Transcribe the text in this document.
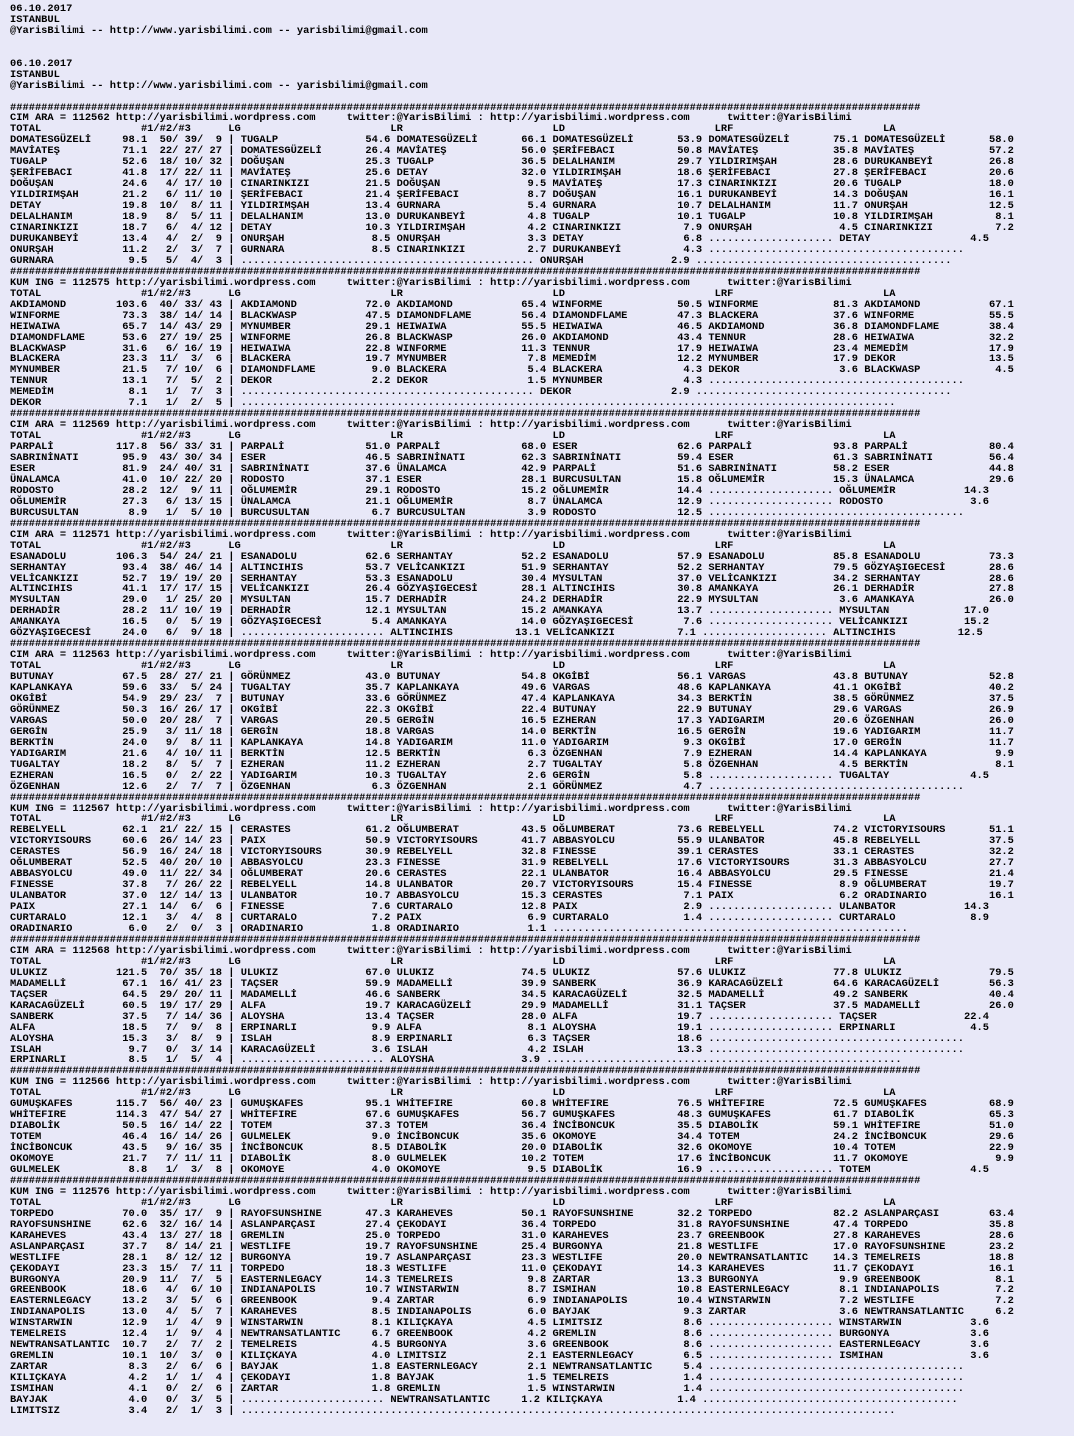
06.10.2017
ISTANBUL
@YarisBilimi -- http://www.yarisbilimi.com -- yarisbilimi@gmail.com
06.10.2017
ISTANBUL
@YarisBilimi -- http://www.yarisbilimi.com -- yarisbilimi@gmail.com
##################################################################################################################################################
CIM ARA = 112562 http://yarisbilimi.wordpress.com     twitter:@YarisBilimi : http://yarisbilimi.wordpress.com      twitter:@YarisBilimi
TOTAL                #1/#2/#3      LG                        LR                        LD                        LRF                        LA
DOMATESGÜZELİ     98.1  50/ 39/  9 | TUGALP              54.6 DOMATESGÜZELİ       66.1 DOMATESGÜZELİ       53.9 DOMATESGÜZELİ       75.1 DOMATESGÜZELİ       58.0
MAVİATEŞ          71.1  22/ 27/ 27 | DOMATESGÜZELİ       26.4 MAVİATEŞ            56.0 ŞERİFEBACI          50.8 MAVİATEŞ            35.8 MAVİATEŞ            57.2
TUGALP            52.6  18/ 10/ 32 | DOĞUŞAN             25.3 TUGALP              36.5 DELALHANIM          29.7 YILDIRIMŞAH         28.6 DURUKANBEYİ         26.8
ŞERİFEBACI        41.8  17/ 22/ 11 | MAVİATEŞ            25.6 DETAY               32.0 YILDIRIMŞAH         18.6 ŞERİFEBACI          27.8 ŞERİFEBACI          20.6
DOĞUŞAN           24.6   4/ 17/ 10 | CINARINKIZI         21.5 DOĞUŞAN              9.5 MAVİATEŞ            17.3 CINARINKIZI         20.6 TUGALP              18.0
YILDIRIMŞAH       21.2   6/ 11/ 10 | ŞERİFEBACI          21.4 ŞERİFEBACI           8.7 DOĞUŞAN             16.1 DURUKANBEYİ         14.3 DOĞUŞAN             16.1
DETAY             19.8  10/  8/ 11 | YILDIRIMŞAH         13.4 GURNARA              5.4 GURNARA             10.7 DELALHANIM          11.7 ONURŞAH             12.5
DELALHANIM        18.9   8/  5/ 11 | DELALHANIM          13.0 DURUKANBEYİ          4.8 TUGALP              10.1 TUGALP              10.8 YILDIRIMŞAH          8.1
CINARINKIZI       18.7   6/  4/ 12 | DETAY               10.3 YILDIRIMŞAH          4.2 CINARINKIZI          7.9 ONURŞAH              4.5 CINARINKIZI          7.2
DURUKANBEYİ       13.4   4/  2/  9 | ONURŞAH              8.5 ONURŞAH              3.3 DETAY                6.8 .................... DETAY                4.5
ONURŞAH           11.2   2/  3/  7 | GURNARA              8.5 CINARINKIZI          2.7 DURUKANBEYİ          4.3 .........................................
GURNARA            9.5   5/  4/  3 | ............................................... ONURŞAH              2.9 .........................................
##################################################################################################################################################
KUM ING = 112575 http://yarisbilimi.wordpress.com     twitter:@YarisBilimi : http://yarisbilimi.wordpress.com      twitter:@YarisBilimi
TOTAL                #1/#2/#3      LG                        LR                        LD                        LRF                        LA
AKDIAMOND        103.6  40/ 33/ 43 | AKDIAMOND           72.0 AKDIAMOND           65.4 WINFORME            50.5 WINFORME            81.3 AKDIAMOND           67.1
WINFORME          73.3  38/ 14/ 14 | BLACKWASP           47.5 DIAMONDFLAME        56.4 DIAMONDFLAME        47.3 BLACKERA            37.6 WINFORME            55.5
HEIWAIWA          65.7  14/ 43/ 29 | MYNUMBER            29.1 HEIWAIWA            55.5 HEIWAIWA            46.5 AKDIAMOND           36.8 DIAMONDFLAME        38.4
DIAMONDFLAME      53.6  27/ 19/ 25 | WINFORME            26.8 BLACKWASP           26.0 AKDIAMOND           43.4 TENNUR              28.6 HEIWAIWA            32.2
BLACKWASP         31.6   6/ 16/ 19 | HEIWAIWA            22.8 WINFORME            11.3 TENNUR              17.9 HEIWAIWA            23.4 MEMEDİM             17.9
BLACKERA          23.3  11/  3/  6 | BLACKERA            19.7 MYNUMBER             7.8 MEMEDİM             12.2 MYNUMBER            17.9 DEKOR               13.5
MYNUMBER          21.5   7/ 10/  6 | DIAMONDFLAME         9.0 BLACKERA             5.4 BLACKERA             4.3 DEKOR                3.6 BLACKWASP            4.5
TENNUR            13.1   7/  5/  2 | DEKOR                2.2 DEKOR                1.5 MYNUMBER             4.3 .........................................
MEMEDİM            8.1   1/  7/  3 | ............................................... DEKOR                2.9 .........................................
DEKOR              7.1   1/  2/  5 | .........................................................................................................
##################################################################################################################################################
CIM ARA = 112569 http://yarisbilimi.wordpress.com     twitter:@YarisBilimi : http://yarisbilimi.wordpress.com      twitter:@YarisBilimi
TOTAL                #1/#2/#3      LG                        LR                        LD                        LRF                        LA
PARPALİ          117.8  56/ 33/ 31 | PARPALİ             51.0 PARPALİ             68.0 ESER                62.6 PARPALİ             93.8 PARPALİ             80.4
SABRINİNATI       95.9  43/ 30/ 34 | ESER                46.5 SABRINİNATI         62.3 SABRINİNATI         59.4 ESER                61.3 SABRINİNATI         56.4
ESER              81.9  24/ 40/ 31 | SABRINİNATI         37.6 ÜNALAMCA            42.9 PARPALİ             51.6 SABRINİNATI         58.2 ESER                44.8
ÜNALAMCA          41.0  10/ 22/ 20 | RODOSTO             37.1 ESER                28.1 BURCUSULTAN         15.8 OĞLUMEMİR           15.3 ÜNALAMCA            29.6
RODOSTO           28.2  12/  9/ 11 | OĞLUMEMİR           29.1 RODOSTO             15.2 OĞLUMEMİR           14.4 .................... OĞLUMEMİR           14.3
OĞLUMEMİR         27.3   6/ 13/ 15 | ÜNALAMCA            21.1 OĞLUMEMİR            8.7 ÜNALAMCA            12.9 .................... RODOSTO              3.6
BURCUSULTAN        8.9   1/  5/ 10 | BURCUSULTAN          6.7 BURCUSULTAN          3.9 RODOSTO             12.5 .........................................
##################################################################################################################################################
CIM ARA = 112571 http://yarisbilimi.wordpress.com     twitter:@YarisBilimi : http://yarisbilimi.wordpress.com      twitter:@YarisBilimi
TOTAL                #1/#2/#3      LG                        LR                        LD                        LRF                        LA
ESANADOLU        106.3  54/ 24/ 21 | ESANADOLU           62.6 SERHANTAY           52.2 ESANADOLU           57.9 ESANADOLU           85.8 ESANADOLU           73.3
SERHANTAY         93.4  38/ 46/ 14 | ALTINCIHIS          53.7 VELİCANKIZI         51.9 SERHANTAY           52.2 SERHANTAY           79.5 GÖZYAŞIGECESİ       28.6
VELİCANKIZI       52.7  19/ 19/ 20 | SERHANTAY           53.3 ESANADOLU           30.4 MYSULTAN            37.0 VELİCANKIZI         34.2 SERHANTAY           28.6
ALTINCIHIS        41.1  17/ 17/ 15 | VELİCANKIZI         26.4 GÖZYAŞIGECESİ       28.1 ALTINCIHIS          30.8 AMANKAYA            26.1 DERHADİR            27.8
MYSULTAN          29.0   1/ 25/ 20 | MYSULTAN            15.7 DERHADİR            24.2 DERHADİR            22.9 MYSULTAN             3.6 AMANKAYA            26.0
DERHADİR          28.2  11/ 10/ 19 | DERHADİR            12.1 MYSULTAN            15.2 AMANKAYA            13.7 .................... MYSULTAN            17.0
AMANKAYA          16.5   0/  5/ 19 | GÖZYAŞIGECESİ        5.4 AMANKAYA            14.0 GÖZYAŞIGECESİ        7.6 .................... VELİCANKIZI         15.2
GÖZYAŞIGECESİ     24.0   6/  9/ 18 | ....................... ALTINCIHIS          13.1 VELİCANKIZI          7.1 .................... ALTINCIHIS          12.5
##################################################################################################################################################
CIM ARA = 112563 http://yarisbilimi.wordpress.com     twitter:@YarisBilimi : http://yarisbilimi.wordpress.com      twitter:@YarisBilimi
TOTAL                #1/#2/#3      LG                        LR                        LD                        LRF                        LA
BUTUNAY           67.5  28/ 27/ 21 | GÖRÜNMEZ            43.0 BUTUNAY             54.8 OKGİBİ              56.1 VARGAS              43.8 BUTUNAY             52.8
KAPLANKAYA        59.6  33/  5/ 24 | TUGALTAY            35.7 KAPLANKAYA          49.6 VARGAS              48.6 KAPLANKAYA          41.1 OKGİBİ              40.2
OKGİBİ            54.9  29/ 23/  7 | BUTUNAY             33.6 GÖRÜNMEZ            47.4 KAPLANKAYA          34.3 BERKTİN             38.5 GÖRÜNMEZ            37.5
GÖRÜNMEZ          50.3  16/ 26/ 17 | OKGİBİ              22.3 OKGİBİ              22.4 BUTUNAY             22.9 BUTUNAY             29.6 VARGAS              26.9
VARGAS            50.0  20/ 28/  7 | VARGAS              20.5 GERGİN              16.5 EZHERAN             17.3 YADIGARIM           20.6 ÖZGENHAN            26.0
GERGİN            25.9   3/ 11/ 18 | GERGİN              18.8 VARGAS              14.0 BERKTİN             16.5 GERGİN              19.6 YADIGARIM           11.7
BERKTİN           24.0   9/  8/ 11 | KAPLANKAYA          14.8 YADIGARIM           11.0 YADIGARIM            9.3 OKGİBİ              17.0 GERGİN              11.7
YADIGARIM         21.6   4/ 10/ 11 | BERKTİN             12.5 BERKTİN              6.3 ÖZGENHAN             7.9 EZHERAN             14.4 KAPLANKAYA           9.9
TUGALTAY          18.2   8/  5/  7 | EZHERAN             11.2 EZHERAN              2.7 TUGALTAY             5.8 ÖZGENHAN             4.5 BERKTİN              8.1
EZHERAN           16.5   0/  2/ 22 | YADIGARIM           10.3 TUGALTAY             2.6 GERGİN               5.8 .................... TUGALTAY             4.5
ÖZGENHAN          12.6   2/  7/  7 | ÖZGENHAN             6.3 ÖZGENHAN             2.1 GÖRÜNMEZ             4.7 .........................................
##################################################################################################################################################
KUM ING = 112567 http://yarisbilimi.wordpress.com     twitter:@YarisBilimi : http://yarisbilimi.wordpress.com      twitter:@YarisBilimi
TOTAL                #1/#2/#3      LG                        LR                        LD                        LRF                        LA
REBELYELL         62.1  21/ 22/ 15 | CERASTES            61.2 OĞLUMBERAT          43.5 OĞLUMBERAT          73.6 REBELYELL           74.2 VICTORYISOURS       51.1
VICTORYISOURS     60.6  26/ 14/ 23 | PAIX                50.9 VICTORYISOURS       41.7 ABBASYOLCU          55.9 ULANBATOR           45.8 REBELYELL           37.5
CERASTES          56.9  16/ 24/ 18 | VICTORYISOURS       30.9 REBELYELL           32.8 FINESSE             39.1 CERASTES            33.1 CERASTES            32.2
OĞLUMBERAT        52.5  40/ 20/ 10 | ABBASYOLCU          23.3 FINESSE             31.9 REBELYELL           17.6 VICTORYISOURS       31.3 ABBASYOLCU          27.7
ABBASYOLCU        49.0  11/ 22/ 34 | OĞLUMBERAT          20.6 CERASTES            22.1 ULANBATOR           16.4 ABBASYOLCU          29.5 FINESSE             21.4
FINESSE           37.8   7/ 26/ 22 | REBELYELL           14.8 ULANBATOR           20.7 VICTORYISOURS       15.4 FINESSE              8.9 OĞLUMBERAT          19.7
ULANBATOR         37.0  12/ 14/ 13 | ULANBATOR           10.7 ABBASYOLCU          15.3 CERASTES             7.1 PAIX                 6.2 ORADINARIO          16.1
PAIX              27.1  14/  6/  6 | FINESSE              7.6 CURTARALO           12.8 PAIX                 2.9 .................... ULANBATOR           14.3
CURTARALO         12.1   3/  4/  8 | CURTARALO            7.2 PAIX                 6.9 CURTARALO            1.4 .................... CURTARALO            8.9
ORADINARIO         6.0   2/  0/  3 | ORADINARIO           1.8 ORADINARIO           1.1 .........................................................
##################################################################################################################################################
CIM ARA = 112568 http://yarisbilimi.wordpress.com     twitter:@YarisBilimi : http://yarisbilimi.wordpress.com      twitter:@YarisBilimi
TOTAL                #1/#2/#3      LG                        LR                        LD                        LRF                        LA
ULUKIZ           121.5  70/ 35/ 18 | ULUKIZ              67.0 ULUKIZ              74.5 ULUKIZ              57.6 ULUKIZ              77.8 ULUKIZ              79.5
MADAMELLİ         67.1  16/ 41/ 23 | TAÇSER              59.9 MADAMELLİ           39.9 SANBERK             36.9 KARACAGÜZELİ        64.6 KARACAGÜZELİ        56.3
TAÇSER            64.5  29/ 20/ 11 | MADAMELLİ           46.6 SANBERK             34.5 KARACAGÜZELİ        32.5 MADAMELLİ           49.2 SANBERK             40.4
KARACAGÜZELİ      60.5  19/ 17/ 29 | ALFA                19.7 KARACAGÜZELİ        29.9 MADAMELLİ           31.1 TAÇSER              37.5 MADAMELLİ           26.0
SANBERK           37.5   7/ 14/ 36 | ALOYSHA             13.4 TAÇSER              28.0 ALFA                19.7 .................... TAÇSER              22.4
ALFA              18.5   7/  9/  8 | ERPINARLI            9.9 ALFA                 8.1 ALOYSHA             19.1 .................... ERPINARLI            4.5
ALOYSHA           15.3   3/  8/  9 | ISLAH                8.9 ERPINARLI            6.3 TAÇSER              18.6 .........................................
ISLAH              9.7   0/  3/ 14 | KARACAGÜZELİ         3.6 ISLAH                4.2 ISLAH               13.3 .........................................
ERPINARLI          8.5   1/  5/  4 | ....................... ALOYSHA              3.9 .........................................................
##################################################################################################################################################
KUM ING = 112566 http://yarisbilimi.wordpress.com     twitter:@YarisBilimi : http://yarisbilimi.wordpress.com      twitter:@YarisBilimi
TOTAL                #1/#2/#3      LG                        LR                        LD                        LRF                        LA
GUMUŞKAFES       115.7  56/ 40/ 23 | GUMUŞKAFES          95.1 WHİTEFIRE           60.8 WHİTEFIRE           76.5 WHİTEFIRE           72.5 GUMUŞKAFES          68.9
WHİTEFIRE        114.3  47/ 54/ 27 | WHİTEFIRE           67.6 GUMUŞKAFES          56.7 GUMUŞKAFES          48.3 GUMUŞKAFES          61.7 DIABOLİK            65.3
DIABOLİK          50.5  16/ 14/ 22 | TOTEM               37.3 TOTEM               36.4 İNCİBONCUK          35.5 DIABOLİK            59.1 WHİTEFIRE           51.0
TOTEM             46.4  16/ 14/ 26 | GULMELEK             9.0 İNCİBONCUK          35.6 OKOMOYE             34.4 TOTEM               24.2 İNCİBONCUK          29.6
İNCİBONCUK        43.5   9/ 16/ 35 | İNCİBONCUK           8.5 DIABOLİK            20.0 DIABOLİK            32.6 OKOMOYE             10.4 TOTEM               22.9
OKOMOYE           21.7   7/ 11/ 11 | DIABOLİK             8.0 GULMELEK            10.2 TOTEM               17.6 İNCİBONCUK          11.7 OKOMOYE              9.9
GULMELEK           8.8   1/  3/  8 | OKOMOYE              4.0 OKOMOYE              9.5 DIABOLİK            16.9 .................... TOTEM                4.5
##################################################################################################################################################
KUM ING = 112576 http://yarisbilimi.wordpress.com     twitter:@YarisBilimi : http://yarisbilimi.wordpress.com      twitter:@YarisBilimi
TOTAL                #1/#2/#3      LG                        LR                        LD                        LRF                        LA
TORPEDO           70.0  35/ 17/  9 | RAYOFSUNSHINE       47.3 KARAHEVES           50.1 RAYOFSUNSHINE       32.2 TORPEDO             82.2 ASLANPARÇASI        63.4
RAYOFSUNSHINE     62.6  32/ 16/ 14 | ASLANPARÇASI        27.4 ÇEKODAYI            36.4 TORPEDO             31.8 RAYOFSUNSHINE       47.4 TORPEDO             35.8
KARAHEVES         43.4  13/ 27/ 18 | GREMLIN             25.0 TORPEDO             31.0 KARAHEVES           23.7 GREENBOOK           27.8 KARAHEVES           28.6
ASLANPARÇASI      37.7   8/ 14/ 21 | WESTLIFE            19.7 RAYOFSUNSHINE       25.4 BURGONYA            21.8 WESTLIFE            17.0 RAYOFSUNSHINE       23.2
WESTLIFE          28.1   8/ 12/ 12 | BURGONYA            19.7 ASLANPARÇASI        23.3 WESTLIFE            20.0 NEWTRANSATLANTIC    14.3 TEMELREIS           18.8
ÇEKODAYI          23.3  15/  7/ 11 | TORPEDO             18.3 WESTLIFE            11.0 ÇEKODAYI            14.3 KARAHEVES           11.7 ÇEKODAYI            16.1
BURGONYA          20.9  11/  7/  5 | EASTERNLEGACY       14.3 TEMELREIS            9.8 ZARTAR              13.3 BURGONYA             9.9 GREENBOOK            8.1
GREENBOOK         18.6   4/  6/ 10 | INDIANAPOLIS        10.7 WINSTARWIN           8.7 ISMIHAN             10.8 EASTERNLEGACY        8.1 INDIANAPOLIS         7.2
EASTERNLEGACY     13.2   3/  5/  6 | GREENBOOK            9.4 ZARTAR               6.9 INDIANAPOLIS        10.4 WINSTARWIN           7.2 WESTLIFE             7.2
INDIANAPOLIS      13.0   4/  5/  7 | KARAHEVES            8.5 INDIANAPOLIS         6.0 BAYJAK               9.3 ZARTAR               3.6 NEWTRANSATLANTIC     6.2
WINSTARWIN        12.9   1/  4/  9 | WINSTARWIN           8.1 KILIÇKAYA            4.5 LIMITSIZ             8.6 .................... WINSTARWIN           3.6
TEMELREIS         12.4   1/  9/  4 | NEWTRANSATLANTIC     6.7 GREENBOOK            4.2 GREMLIN              8.6 .................... BURGONYA             3.6
NEWTRANSATLANTIC  10.7   2/  7/  2 | TEMELREIS            4.5 BURGONYA             3.6 GREENBOOK            8.6 .................... EASTERNLEGACY        3.6
GREMLIN           10.1  10/  3/  0 | KILIÇKAYA            4.0 LIMITSIZ             2.1 EASTERNLEGACY        6.5 .................... ISMIHAN              3.6
ZARTAR             8.3   2/  6/  6 | BAYJAK               1.8 EASTERNLEGACY        2.1 NEWTRANSATLANTIC     5.4 .........................................
KILIÇKAYA          4.2   1/  1/  4 | ÇEKODAYI             1.8 BAYJAK               1.5 TEMELREIS            1.4 .........................................
ISMIHAN            4.1   0/  2/  6 | ZARTAR               1.8 GREMLIN              1.5 WINSTARWIN           1.4 .........................................
BAYJAK             4.0   0/  3/  5 | ....................... NEWTRANSATLANTIC     1.2 KILIÇKAYA            1.4 .........................................
LIMITSIZ           3.4   2/  1/  3 | .........................................................................................................
